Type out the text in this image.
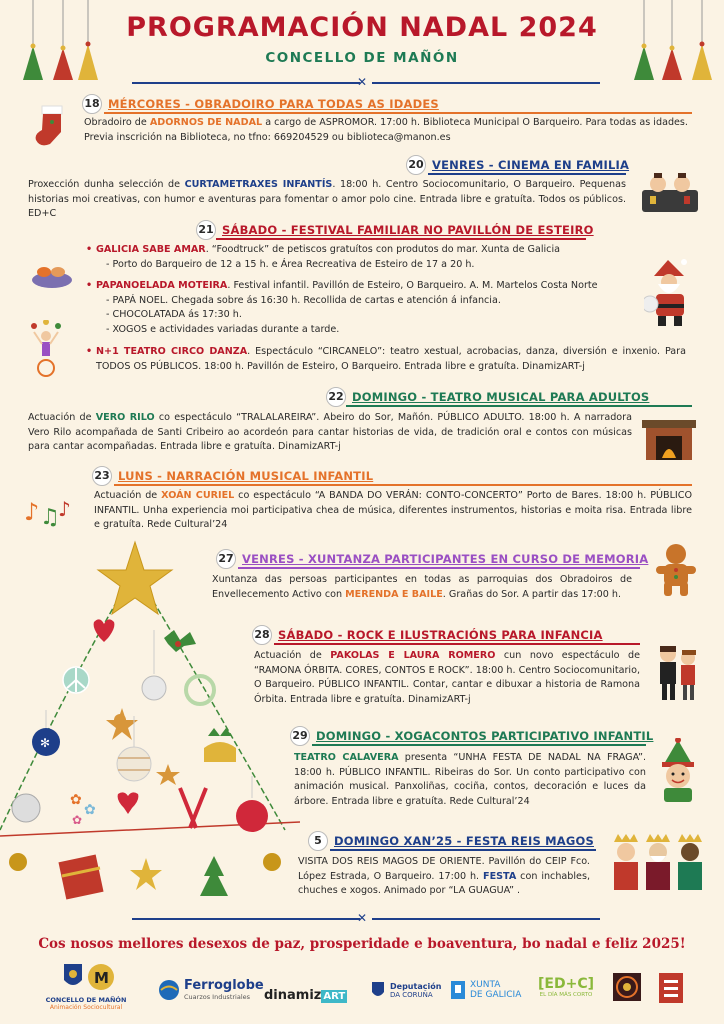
PROGRAMACIÓN NADAL 2024
CONCELLO DE MAÑÓN
✕
18 MÉRCORES - OBRADOIRO PARA TODAS AS IDADES
Obradoiro de ADORNOS DE NADAL a cargo de ASPROMOR. 17:00 h. Biblioteca Municipal O Barqueiro. Para todas as idades. Previa inscrición na Biblioteca, no tfno: 669204529 ou biblioteca@manon.es
20 VENRES - CINEMA EN FAMILIA
Proxección dunha selección de CURTAMETRAXES INFANTÍS. 18:00 h. Centro Sociocomunitario, O Barqueiro. Pequenas historias moi creativas, con humor e aventuras para fomentar o amor polo cine. Entrada libre e gratuíta. Todos os públicos. ED+C
21 SÁBADO - FESTIVAL FAMILIAR NO PAVILLÓN DE ESTEIRO
• GALICIA SABE AMAR. “Foodtruck” de petiscos gratuítos con produtos do mar. Xunta de Galicia
- Porto do Barqueiro de 12 a 15 h. e Área Recreativa de Esteiro de 17 a 20 h.
• PAPANOELADA MOTEIRA. Festival infantil. Pavillón de Esteiro, O Barqueiro. A. M. Martelos Costa Norte
- PAPÁ NOEL. Chegada sobre ás 16:30 h. Recollida de cartas e atención á infancia.
- CHOCOLATADA ás 17:30 h.
- XOGOS e actividades variadas durante a tarde.
• N+1 TEATRO CIRCO DANZA. Espectáculo “CIRCANELO”: teatro xestual, acrobacias, danza, diversión e inxenio. Para TODOS OS PÚBLICOS. 18:00 h. Pavillón de Esteiro, O Barqueiro. Entrada libre e gratuíta. DinamizART-j
22 DOMINGO - TEATRO MUSICAL PARA ADULTOS
Actuación de VERO RILO co espectáculo “TRALALAREIRA”. Abeiro do Sor, Mañón. PÚBLICO ADULTO. 18:00 h. A narradora Vero Rilo acompañada de Santi Cribeiro ao acordeón para cantar historias de vida, de tradición oral e contos con músicas para cantar acompañadas. Entrada libre e gratuíta. DinamizART-j
23 LUNS - NARRACIÓN MUSICAL INFANTIL
♪ ♫
♪
Actuación de XOÁN CURIEL co espectáculo “A BANDA DO VERÁN: CONTO-CONCERTO” Porto de Bares. 18:00 h. PÚBLICO INFANTIL. Unha experiencia moi participativa chea de música, diferentes instrumentos, historias e moita risa. Entrada libre e gratuíta. Rede Cultural’24
✻
✿
✿
✿
27 VENRES - XUNTANZA PARTICIPANTES EN CURSO DE MEMORIA
Xuntanza das persoas participantes en todas as parroquias dos Obradoiros de Envellecemento Activo con MERENDA E BAILE. Grañas do Sor. A partir das 17:00 h.
28 SÁBADO - ROCK E ILUSTRACIÓNS PARA INFANCIA
Actuación de PAKOLAS E LAURA ROMERO cun novo espectáculo de “RAMONA ÓRBITA. CORES, CONTOS E ROCK”. 18:00 h. Centro Sociocomunitario, O Barqueiro. PÚBLICO INFANTIL. Contar, cantar e dibuxar a historia de Ramona Órbita. Entrada libre e gratuíta. DinamizART-j
29 DOMINGO - XOGACONTOS PARTICIPATIVO INFANTIL
TEATRO CALAVERA presenta “UNHA FESTA DE NADAL NA FRAGA”. 18:00 h. PÚBLICO INFANTIL. Ribeiras do Sor. Un conto participativo con animación musical. Panxoliñas, cociña, contos, decoración e luces da árbore. Entrada libre e gratuíta. Rede Cultural’24
5	DOMINGO XAN’25 - FESTA REIS MAGOS
VISITA DOS REIS MAGOS DE ORIENTE. Pavillón do CEIP Fco. López Estrada, O Barqueiro. 17:00 h. FESTA con inchables, chuches e xogos. Animado por “LA GUAGUA” .
✕
Cos nosos mellores desexos de paz, prosperidade e boaventura, bo nadal e feliz 2025!
M
CONCELLO DE MAÑÓN
Animación Sociocultural
Ferroglobe
Cuarzos Industriales	dinamiz ART
Deputación
DA CORUÑA
XUNTA
DE GALICIA
[ED+C]
EL DÍA MÁS CORTO
